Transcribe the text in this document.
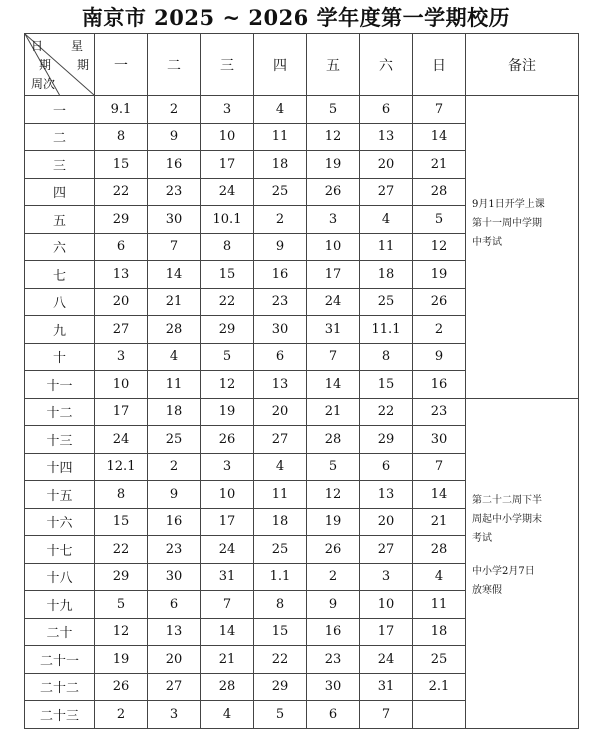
南京市 2025 ~ 2026 学年度第一学期校历
日 星
期 期
周次	一	二	三	四	五	六	日	备注
一	9.1	2	3	4	5	6	7	9月1日开学上课
第十一周中学期
中考试

二	8	9	10	11	12	13	14	
三	15	16	17	18	19	20	21	
四	22	23	24	25	26	27	28	
五	29	30	10.1	2	3	4	5	
六	6	7	8	9	10	11	12	
七	13	14	15	16	17	18	19	
八	20	21	22	23	24	25	26	
九	27	28	29	30	31	11.1	2	
十	3	4	5	6	7	8	9	
十一	10	11	12	13	14	15	16	
十二	17	18	19	20	21	22	23	第二十二周下半
周起中小学期末
考试
中小学2月7日
放寒假

十三	24	25	26	27	28	29	30	
十四	12.1	2	3	4	5	6	7	
十五	8	9	10	11	12	13	14	
十六	15	16	17	18	19	20	21	
十七	22	23	24	25	26	27	28	
十八	29	30	31	1.1	2	3	4	
十九	5	6	7	8	9	10	11	
二十	12	13	14	15	16	17	18	
二十一	19	20	21	22	23	24	25	
二十二	26	27	28	29	30	31	2.1	
二十三	2	3	4	5	6	7		
